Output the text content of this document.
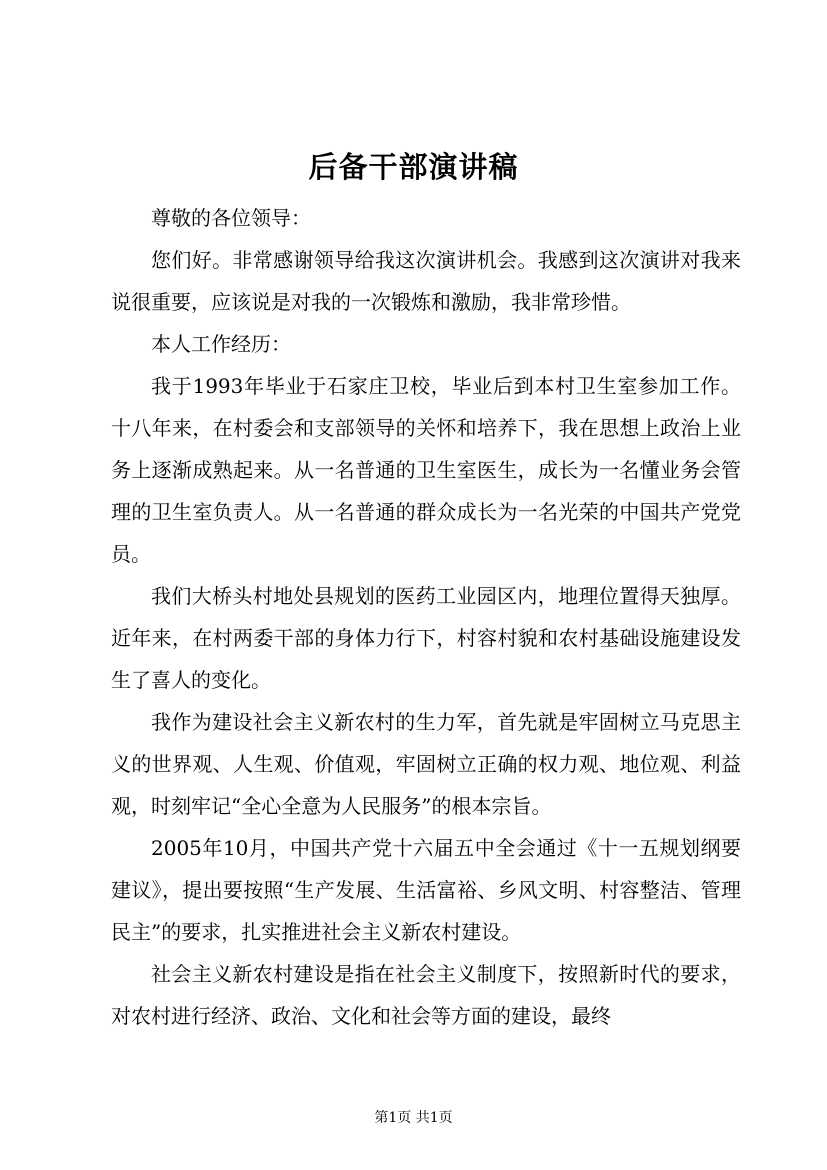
后备干部演讲稿

尊敬的各位领导：

您们好。非常感谢领导给我这次演讲机会。我感到这次演讲对我来说很重要，应该说是对我的一次锻炼和激励，我非常珍惜。

本人工作经历：

我于1993年毕业于石家庄卫校，毕业后到本村卫生室参加工作。十八年来，在村委会和支部领导的关怀和培养下，我在思想上政治上业务上逐渐成熟起来。从一名普通的卫生室医生，成长为一名懂业务会管理的卫生室负责人。从一名普通的群众成长为一名光荣的中国共产党党员。

我们大桥头村地处县规划的医药工业园区内，地理位置得天独厚。近年来，在村两委干部的身体力行下，村容村貌和农村基础设施建设发生了喜人的变化。

我作为建设社会主义新农村的生力军，首先就是牢固树立马克思主义的世界观、人生观、价值观，牢固树立正确的权力观、地位观、利益观，时刻牢记“全心全意为人民服务”的根本宗旨。

2005年10月，中国共产党十六届五中全会通过《十一五规划纲要建议》，提出要按照“生产发展、生活富裕、乡风文明、村容整洁、管理民主”的要求，扎实推进社会主义新农村建设。

社会主义新农村建设是指在社会主义制度下，按照新时代的要求，对农村进行经济、政治、文化和社会等方面的建设，最终

第1页 共1页
